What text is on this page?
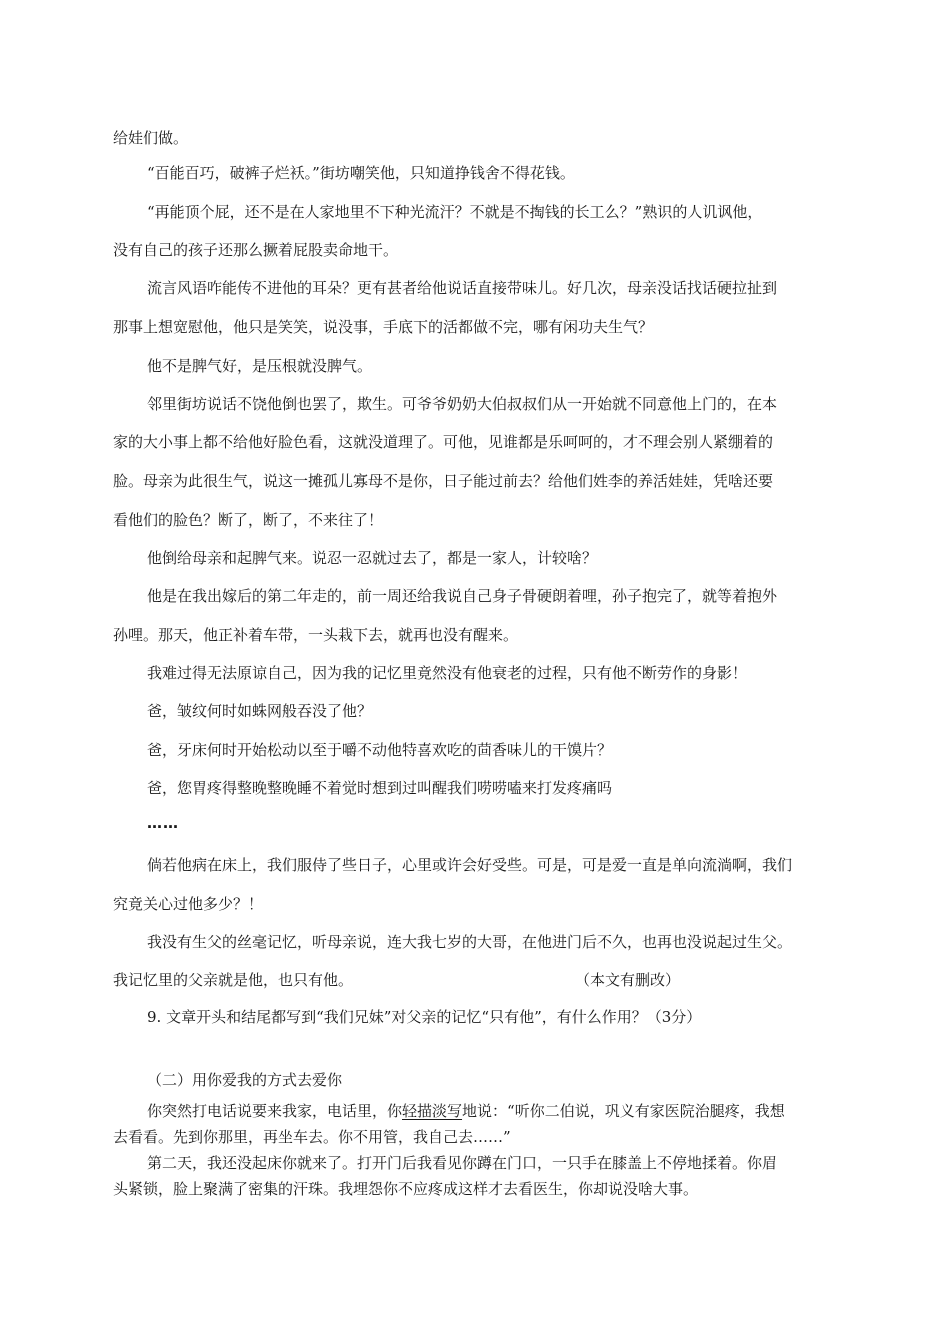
给娃们做。
“百能百巧，破裤子烂袄。”街坊嘲笑他，只知道挣钱舍不得花钱。
“再能顶个屁，还不是在人家地里不下种光流汗？不就是不掏钱的长工么？”熟识的人讥讽他，
没有自己的孩子还那么撅着屁股卖命地干。
流言风语咋能传不进他的耳朵？更有甚者给他说话直接带味儿。好几次，母亲没话找话硬拉扯到
那事上想宽慰他，他只是笑笑，说没事，手底下的活都做不完，哪有闲功夫生气？
他不是脾气好，是压根就没脾气。
邻里街坊说话不饶他倒也罢了，欺生。可爷爷奶奶大伯叔叔们从一开始就不同意他上门的，在本
家的大小事上都不给他好脸色看，这就没道理了。可他，见谁都是乐呵呵的，才不理会别人紧绷着的
脸。母亲为此很生气，说这一摊孤儿寡母不是你，日子能过前去？给他们姓李的养活娃娃，凭啥还要
看他们的脸色？断了，断了，不来往了！
他倒给母亲和起脾气来。说忍一忍就过去了，都是一家人，计较啥？
他是在我出嫁后的第二年走的，前一周还给我说自己身子骨硬朗着哩，孙子抱完了，就等着抱外
孙哩。那天，他正补着车带，一头栽下去，就再也没有醒来。
我难过得无法原谅自己，因为我的记忆里竟然没有他衰老的过程，只有他不断劳作的身影！
爸，皱纹何时如蛛网般吞没了他？
爸，牙床何时开始松动以至于嚼不动他特喜欢吃的茴香味儿的干馍片？
爸，您胃疼得整晚整晚睡不着觉时想到过叫醒我们唠唠嗑来打发疼痛吗
……
倘若他病在床上，我们服侍了些日子，心里或许会好受些。可是，可是爱一直是单向流淌啊，我们
究竟关心过他多少？！
我没有生父的丝毫记忆，听母亲说，连大我七岁的大哥，在他进门后不久，也再也没说起过生父。
我记忆里的父亲就是他，也只有他。	（本文有删改）
9. 文章开头和结尾都写到“我们兄妹”对父亲的记忆“只有他”，有什么作用？（3分）
（二）用你爱我的方式去爱你
你突然打电话说要来我家，电话里，你轻描淡写地说：“听你二伯说，巩义有家医院治腿疼，我想
去看看。先到你那里，再坐车去。你不用管，我自己去……”
第二天，我还没起床你就来了。打开门后我看见你蹲在门口，一只手在膝盖上不停地揉着。你眉
头紧锁，脸上聚满了密集的汗珠。我埋怨你不应疼成这样才去看医生，你却说没啥大事。
